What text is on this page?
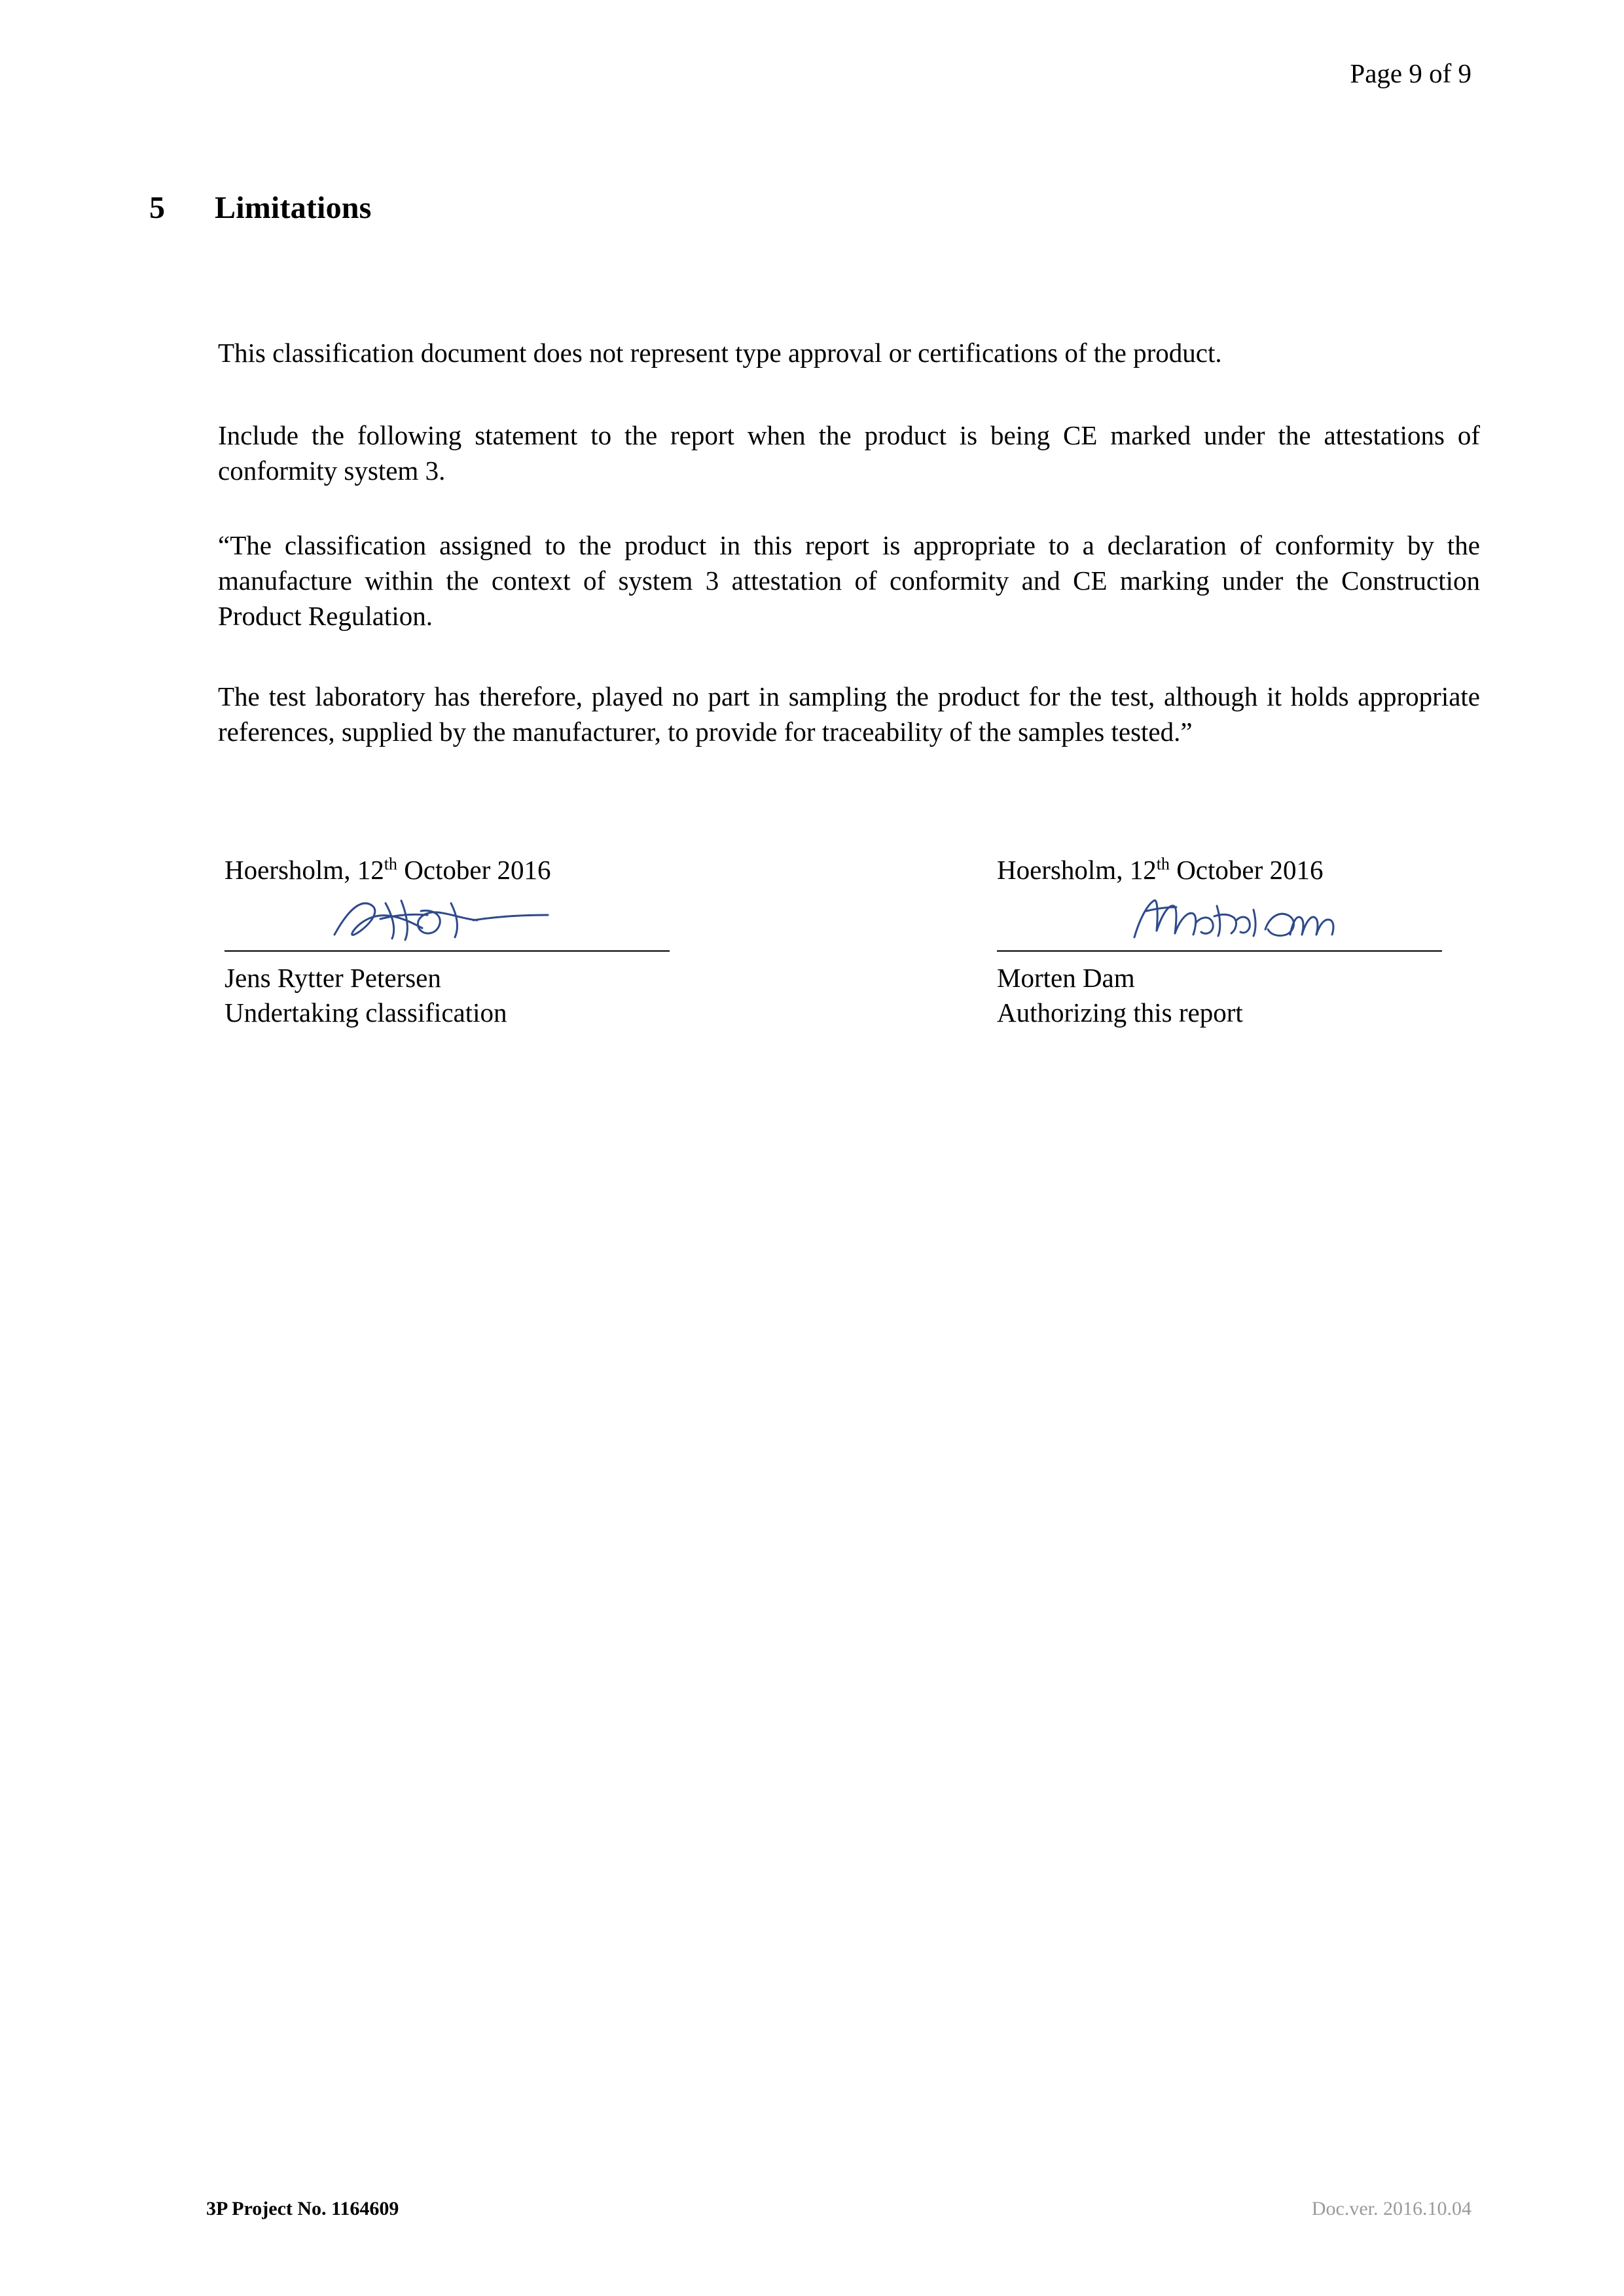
Page 9 of 9
5 Limitations
This classification document does not represent type approval or certifications of the product.
Include the following statement to the report when the product is being CE marked under the attestations of conformity system 3.
“The classification assigned to the product in this report is appropriate to a declaration of conformity by the manufacture within the context of system 3 attestation of conformity and CE marking under the Construction Product Regulation.
The test laboratory has therefore, played no part in sampling the product for the test, although it holds appropriate references, supplied by the manufacturer, to provide for traceability of the samples tested.”
Hoersholm, 12th October 2016
Jens Rytter Petersen
Undertaking classification
Hoersholm, 12th October 2016
Morten Dam
Authorizing this report
3P Project No. 1164609	Doc.ver. 2016.10.04
